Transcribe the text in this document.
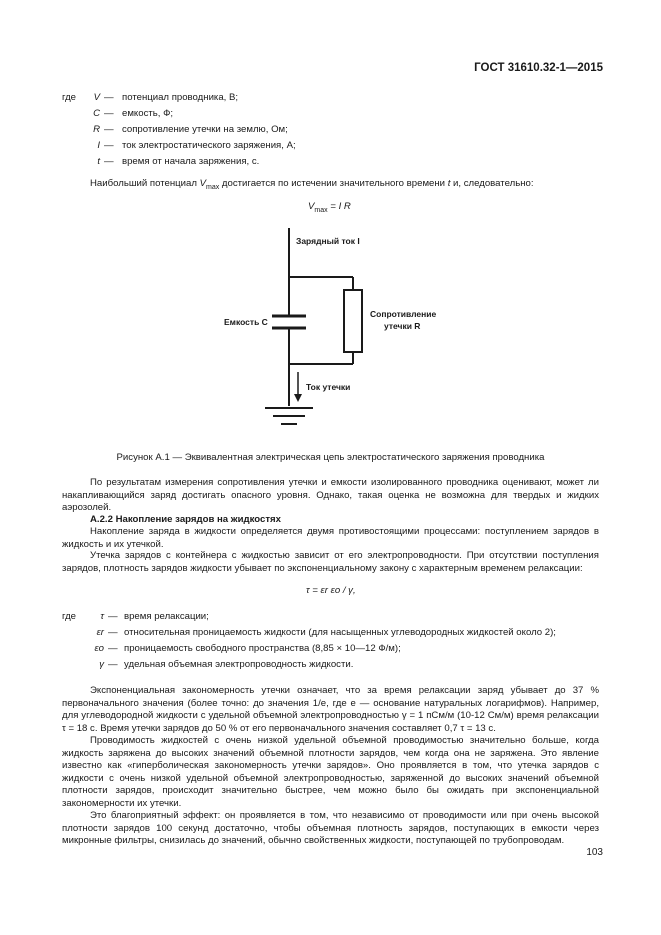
ГОСТ 31610.32-1—2015
где	V — потенциал проводника, В;
C — емкость, Ф;
R — сопротивление утечки на землю, Ом;
I — ток электростатического заряжения, А;
t — время от начала заряжения, с.
Наибольший потенциал $V_{max}$ достигается по истечении значительного времени t и, следовательно:
$V_{max} = I$ R
Зарядный ток I
Емкость C
Сопротивление
утечки R
Ток утечки
Рисунок А.1 — Эквивалентная электрическая цепь электростатического заряжения проводника
По результатам измерения сопротивления утечки и емкости изолированного проводника оценивают, может ли накапливающийся заряд достигать опасного уровня. Однако, такая оценка не возможна для твердых и жидких аэрозолей.
А.2.2 Накопление зарядов на жидкостях
Накопление заряда в жидкости определяется двумя противостоящими процессами: поступлением зарядов в жидкость и их утечкой.
Утечка зарядов с контейнера с жидкостью зависит от его электропроводности. При отсутствии поступления зарядов, плотность зарядов жидкости убывает по экспоненциальному закону с характерным временем релаксации:
τ = εr εo / γ,
где	τ — время релаксации;
εr — относительная проницаемость жидкости (для насыщенных углеводородных жидкостей около 2);
εo — проницаемость свободного пространства (8,85 × 10—12 Ф/м);
γ — удельная объемная электропроводность жидкости.
Экспоненциальная закономерность утечки означает, что за время релаксации заряд убывает до 37 % первоначального значения (более точно: до значения 1/e, где e — основание натуральных логарифмов). Например, для углеводородной жидкости с удельной объемной электропроводностью γ = 1 пСм/м (10-12 См/м) время релаксации τ = 18 с. Время утечки зарядов до 50 % от его первоначального значения составляет 0,7 τ = 13 с.
Проводимость жидкостей с очень низкой удельной объемной проводимостью значительно больше, когда жидкость заряжена до высоких значений объемной плотности зарядов, чем когда она не заряжена. Это явление известно как «гиперболическая закономерность утечки зарядов». Оно проявляется в том, что утечка зарядов с жидкости с очень низкой удельной объемной электропроводностью, заряженной до высоких значений объемной плотности зарядов, происходит значительно быстрее, чем можно было бы ожидать при экспоненциальной закономерности их утечки.
Это благоприятный эффект: он проявляется в том, что независимо от проводимости или при очень высокой плотности зарядов 100 секунд достаточно, чтобы объемная плотность зарядов, поступающих в емкости через микронные фильтры, снизилась до значений, обычно свойственных жидкости, поступающей по трубопроводам.
103
